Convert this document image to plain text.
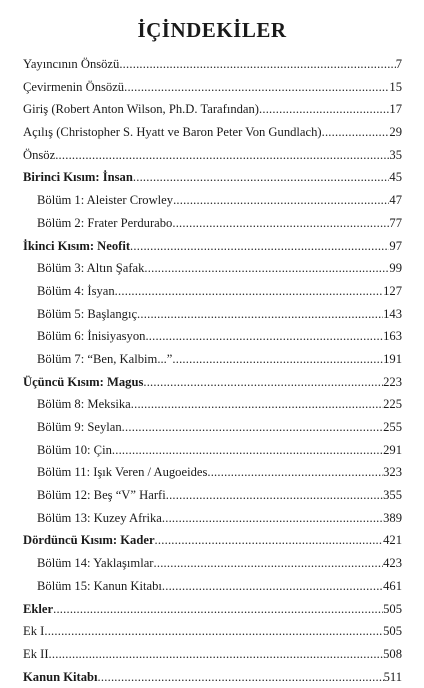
İÇİNDEKİLER
Yayıncının Önsözü .....	7
Çevirmenin Önsözü .....	15
Giriş (Robert Anton Wilson, Ph.D. Tarafından) .....	17
Açılış (Christopher S. Hyatt ve Baron Peter Von Gundlach) .....	29
Önsöz .....	35
Birinci Kısım: İnsan .....	45
Bölüm 1: Aleister Crowley .....	47
Bölüm 2: Frater Perdurabo .....	77
İkinci Kısım: Neofit .....	97
Bölüm 3: Altın Şafak .....	99
Bölüm 4: İsyan .....	127
Bölüm 5: Başlangıç .....	143
Bölüm 6: İnisiyasyon .....	163
Bölüm 7: “Ben, Kalbim...” .....	191
Üçüncü Kısım: Magus .....	223
Bölüm 8: Meksika .....	225
Bölüm 9: Seylan .....	255
Bölüm 10: Çin .....	291
Bölüm 11: Işık Veren / Augoeides .....	323
Bölüm 12: Beş “V” Harfi .....	355
Bölüm 13: Kuzey Afrika .....	389
Dördüncü Kısım: Kader .....	421
Bölüm 14: Yaklaşımlar .....	423
Bölüm 15: Kanun Kitabı .....	461
Ekler .....	505
Ek I .....	505
Ek II .....	508
Kanun Kitabı .....	511
